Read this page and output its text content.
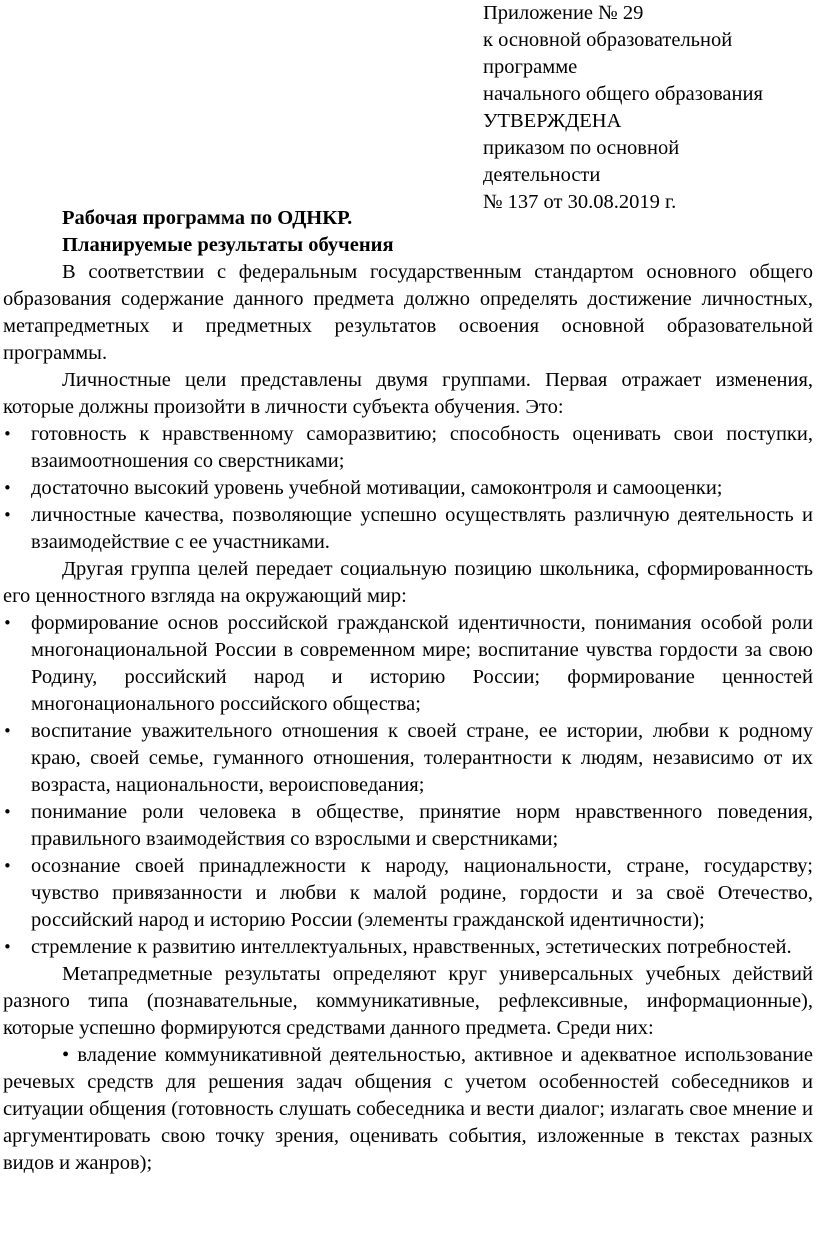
Приложение № 29
к основной образовательной
программе
начального общего образования
УТВЕРЖДЕНА
приказом по основной
деятельности
№ 137 от 30.08.2019 г.
Рабочая программа по ОДНКР.
Планируемые результаты обучения

В соответствии с федеральным государственным стандартом основного общего образования содержание данного предмета должно определять достижение личностных, метапредметных и предметных результатов освоения основной образовательной программы.

Личностные цели представлены двумя группами. Первая отражает изменения, которые должны произойти в личности субъекта обучения. Это:

• готовность к нравственному саморазвитию; способность оценивать свои поступки, взаимоотношения со сверстниками;
• достаточно высокий уровень учебной мотивации, самоконтроля и самооценки;
• личностные качества, позволяющие успешно осуществлять различную деятельность и взаимодействие с ее участниками.

Другая группа целей передает социальную позицию школьника, сформированность его ценностного взгляда на окружающий мир:

• формирование основ российской гражданской идентичности, понимания особой роли многонациональной России в современном мире; воспитание чувства гордости за свою Родину, российский народ и историю России; формирование ценностей многонационального российского общества;
• воспитание уважительного отношения к своей стране, ее истории, любви к родному краю, своей семье, гуманного отношения, толерантности к людям, независимо от их возраста, национальности, вероисповедания;
• понимание роли человека в обществе, принятие норм нравственного поведения, правильного взаимодействия со взрослыми и сверстниками;
• осознание своей принадлежности к народу, национальности, стране, государству; чувство привязанности и любви к малой родине, гордости и за своё Отечество, российский народ и историю России (элементы гражданской идентичности);
• стремление к развитию интеллектуальных, нравственных, эстетических потребностей.

Метапредметные результаты определяют круг универсальных учебных действий разного типа (познавательные, коммуникативные, рефлексивные, информационные), которые успешно формируются средствами данного предмета. Среди них:

• владение коммуникативной деятельностью, активное и адекватное использование речевых средств для решения задач общения с учетом особенностей собеседников и ситуации общения (готовность слушать собеседника и вести диалог; излагать свое мнение и аргументировать свою точку зрения, оценивать события, изложенные в текстах разных видов и жанров);
